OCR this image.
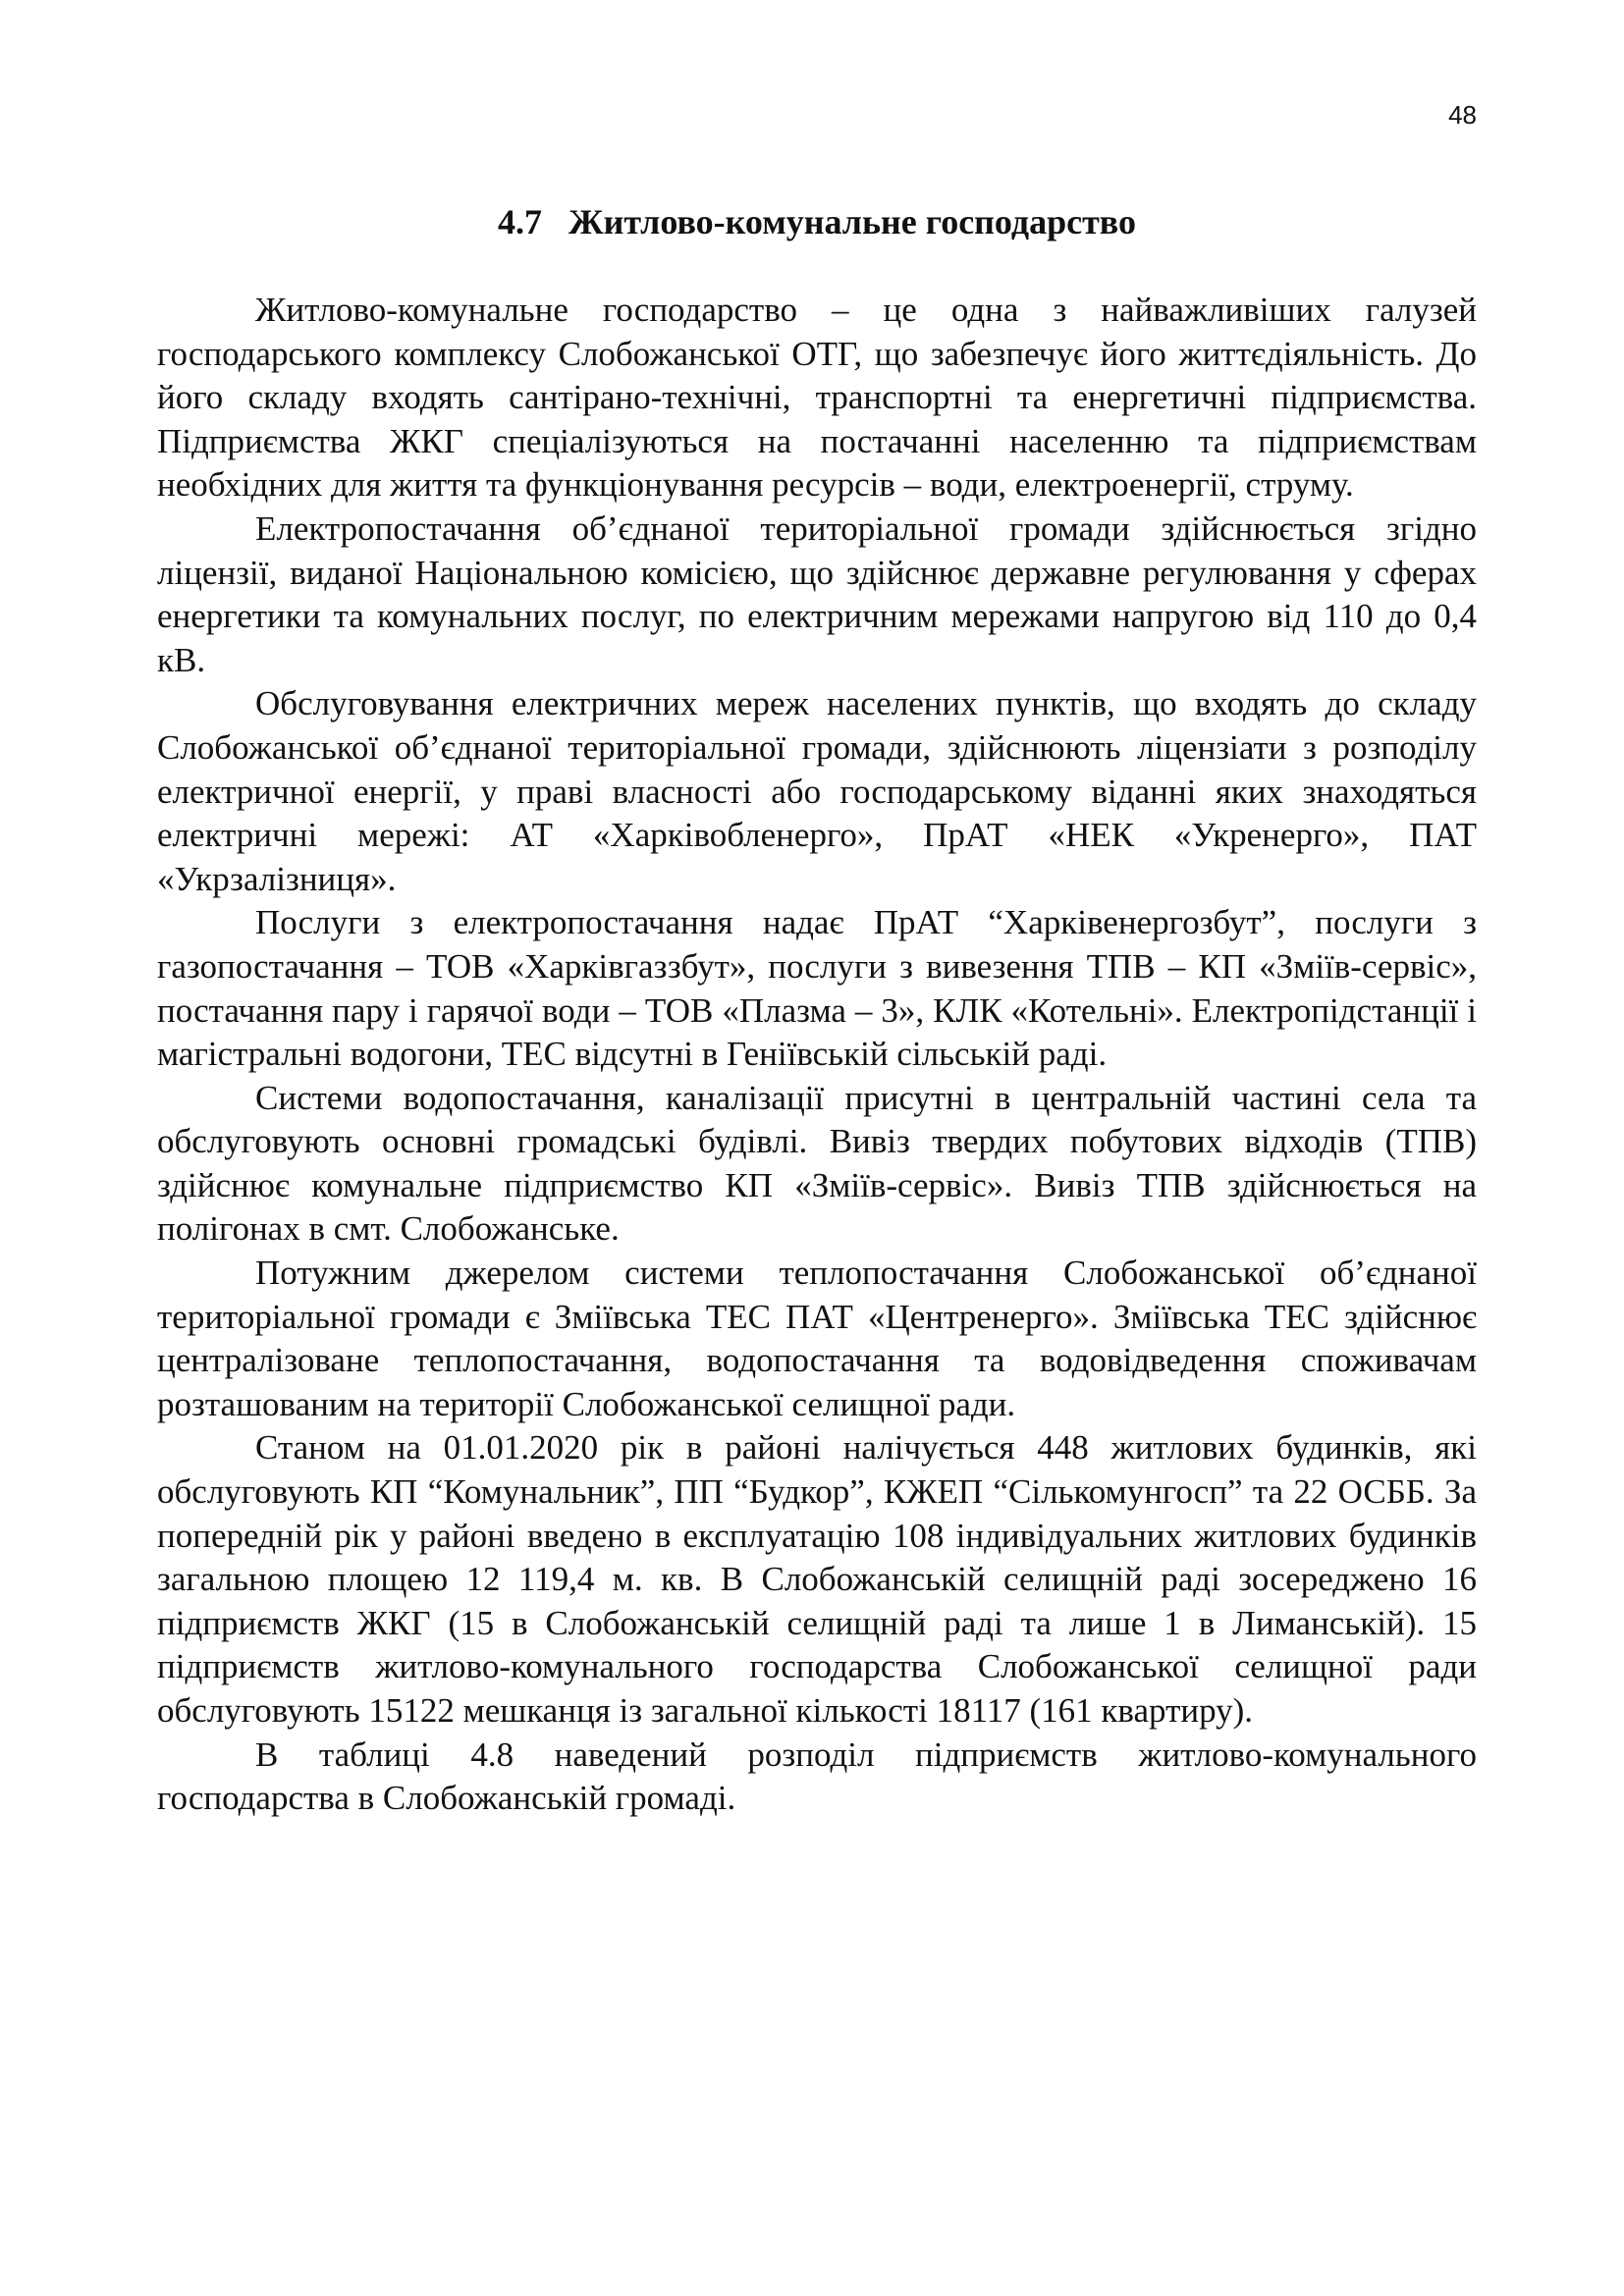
48
4.7   Житлово-комунальне господарство

Житлово-комунальне господарство – це одна з найважливіших галузей господарського комплексу Слобожанської ОТГ, що забезпечує його життєдіяльність. До його складу входять сантірано-технічні, транспортні та енергетичні підприємства. Підприємства ЖКГ спеціалізуються на постачанні населенню та підприємствам необхідних для життя та функціонування ресурсів – води, електроенергії, струму.

Електропостачання об’єднаної територіальної громади здійснюється згідно ліцензії, виданої Національною комісією, що здійснює державне регулювання у сферах енергетики та комунальних послуг, по електричним мережами напругою від 110 до 0,4 кВ.

Обслуговування електричних мереж населених пунктів, що входять до складу Слобожанської об’єднаної територіальної громади, здійснюють ліцензіати з розподілу електричної енергії, у праві власності або господарському віданні яких знаходяться електричні мережі: АТ «Харківобленерго», ПрАТ «НЕК «Укренерго», ПАТ «Укрзалізниця».

Послуги з електропостачання надає ПрАТ “Харківенергозбут”, послуги з газопостачання – ТОВ «Харківгаззбут», послуги з вивезення ТПВ – КП «Зміїв-сервіс», постачання пару і гарячої води – ТОВ «Плазма – 3», КЛК «Котельні». Електропідстанції і магістральні водогони, ТЕС відсутні в Геніївській сільській раді.

Системи водопостачання, каналізації присутні в центральній частині села та обслуговують основні громадські будівлі. Вивіз твердих побутових відходів (ТПВ) здійснює комунальне підприємство КП «Зміїв-сервіс». Вивіз ТПВ здійснюється на полігонах в смт. Слобожанське.

Потужним джерелом системи теплопостачання Слобожанської об’єднаної територіальної громади є Зміївська ТЕС ПАТ «Центренерго». Зміївська ТЕС здійснює централізоване теплопостачання, водопостачання та водовідведення споживачам розташованим на території Слобожанської селищної ради.

Станом на 01.01.2020 рік в районі налічується 448 житлових будинків, які обслуговують КП “Комунальник”, ПП “Будкор”, КЖЕП “Сількомунгосп” та 22 ОСББ. За попередній рік у районі введено в експлуатацію 108 індивідуальних житлових будинків загальною площею 12 119,4 м. кв. В Слобожанській селищній раді зосереджено 16 підприємств ЖКГ (15 в Слобожанській селищній раді та лише 1 в Лиманській). 15 підприємств житлово-комунального господарства Слобожанської селищної ради обслуговують 15122 мешканця із загальної кількості 18117 (161 квартиру).

В таблиці 4.8 наведений розподіл підприємств житлово-комунального господарства в Слобожанській громаді.
